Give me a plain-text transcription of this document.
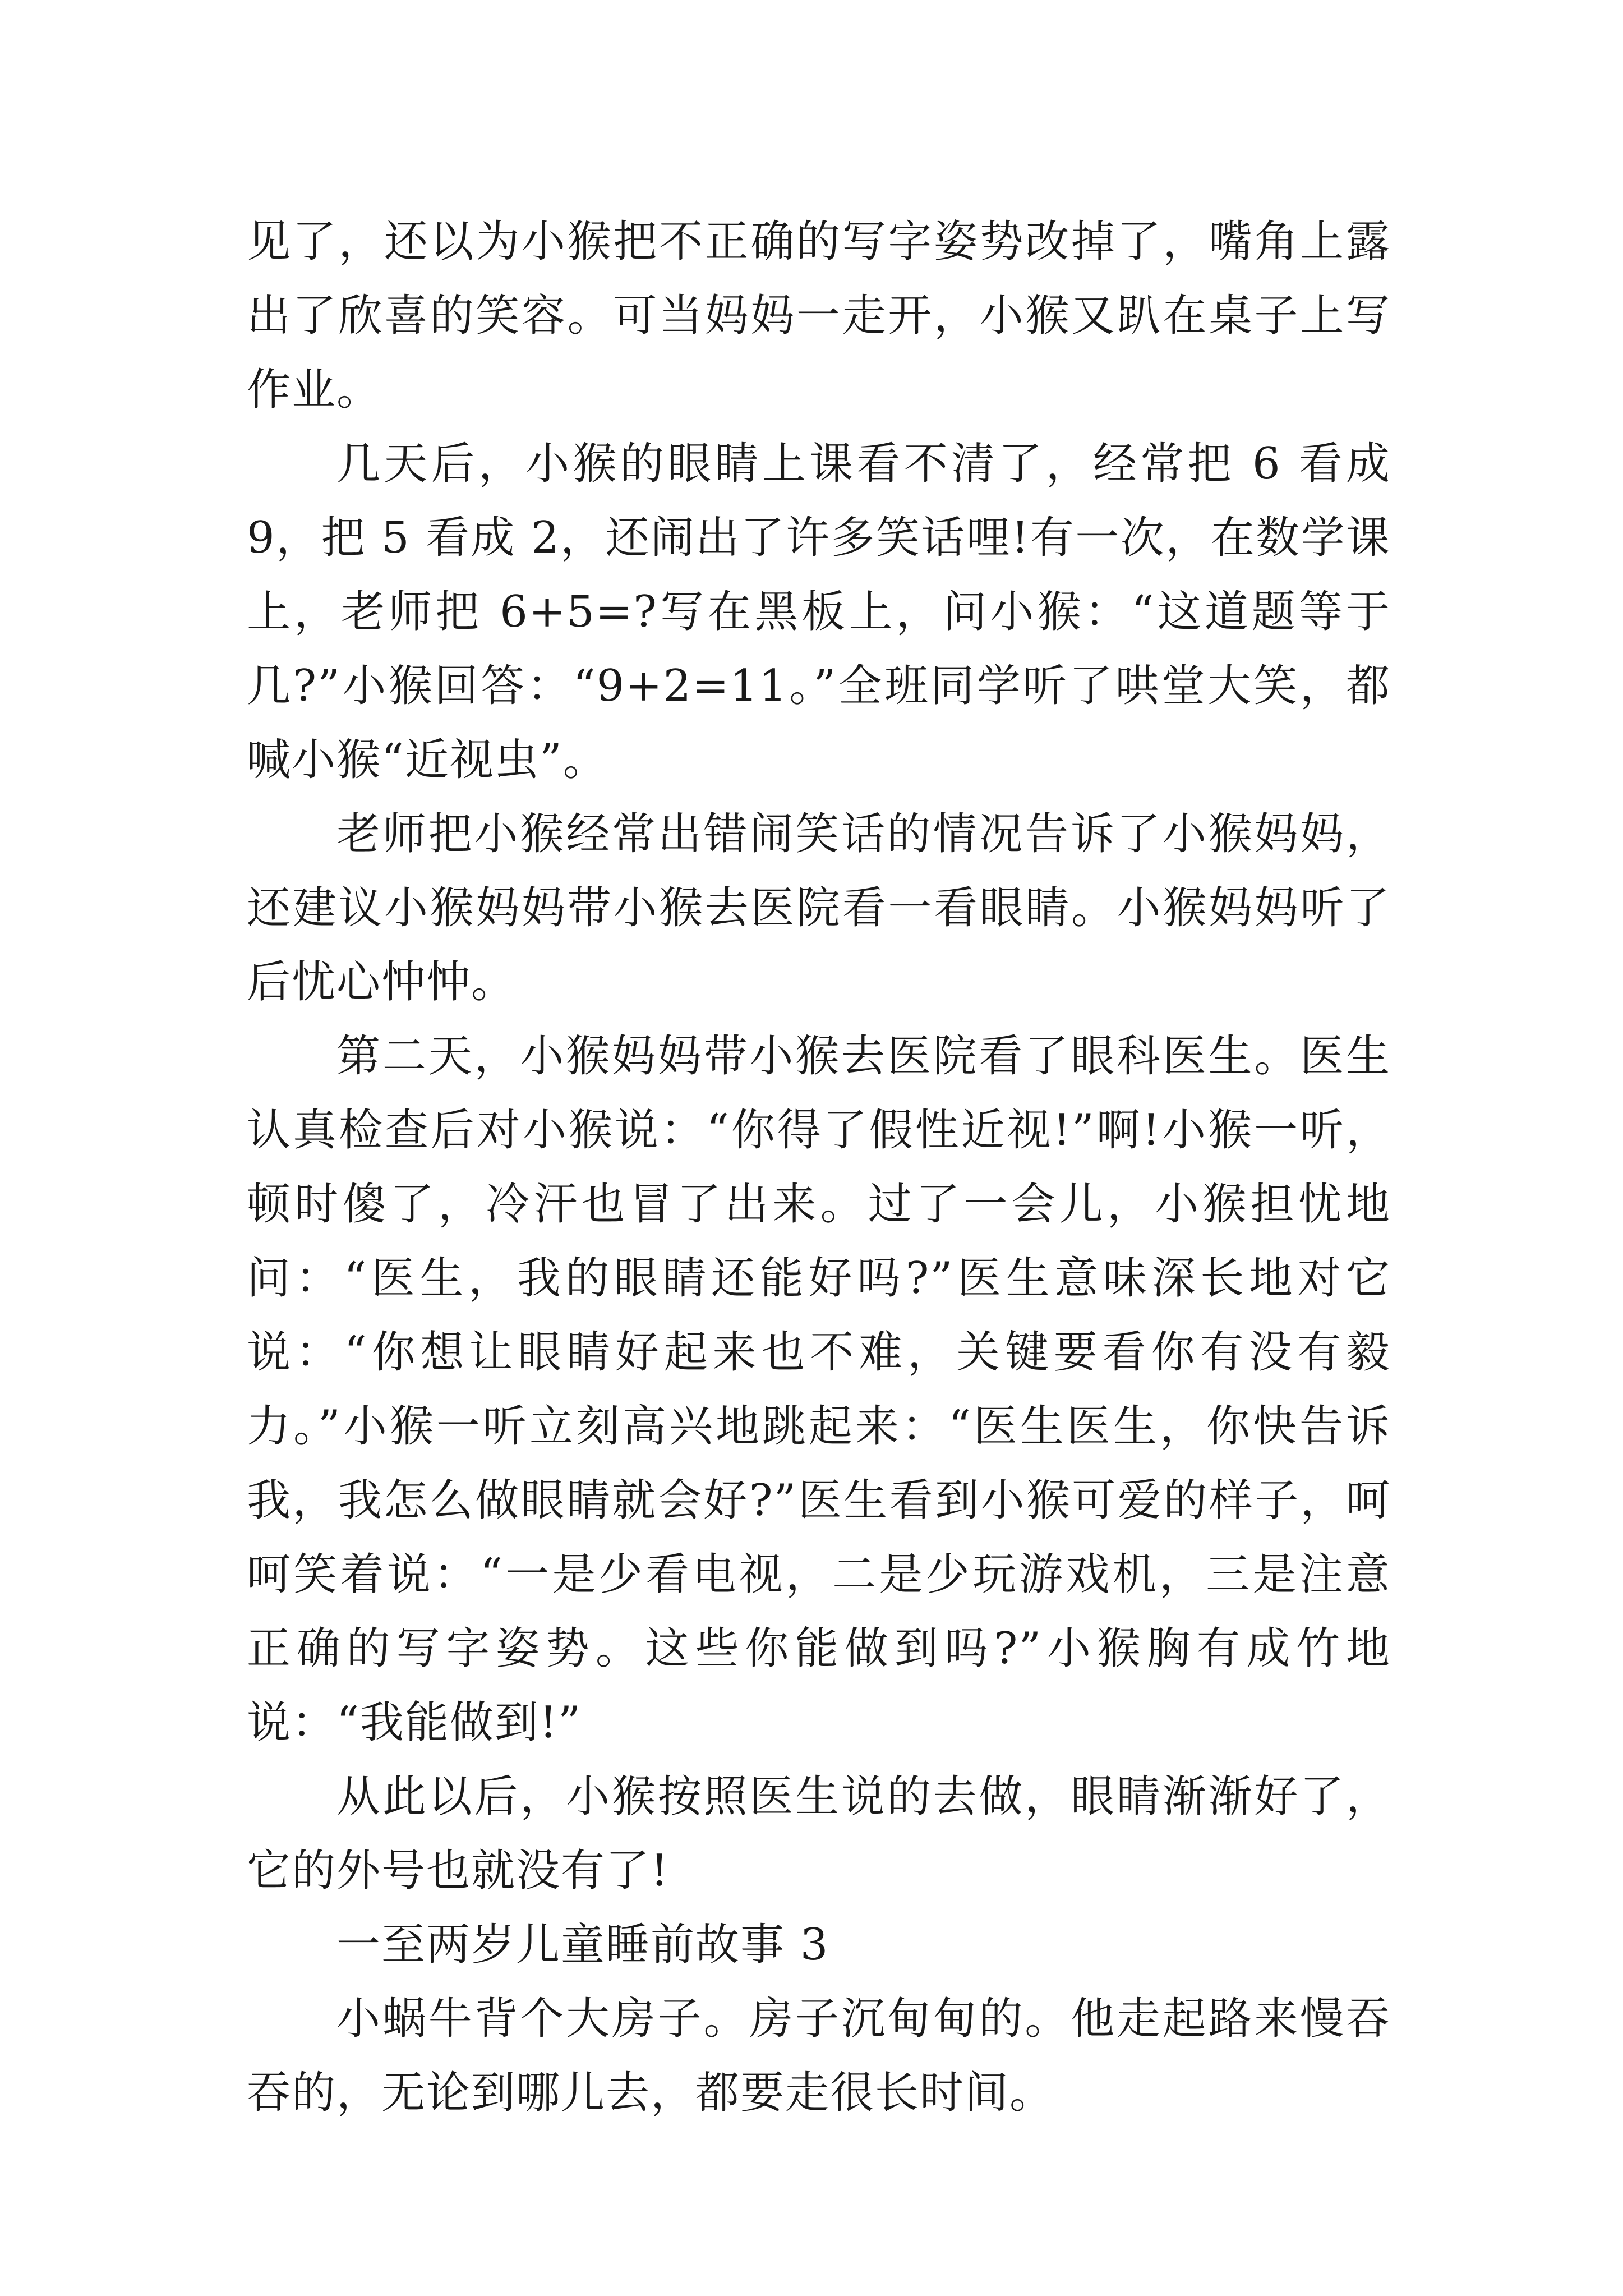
见了，还以为小猴把不正确的写字姿势改掉了，嘴角上露出了欣喜的笑容。可当妈妈一走开，小猴又趴在桌子上写作业。

几天后，小猴的眼睛上课看不清了，经常把 6 看成 9，把 5 看成 2，还闹出了许多笑话哩!有一次，在数学课上，老师把 6+5=?写在黑板上，问小猴：“这道题等于几?”小猴回答：“9+2=11。”全班同学听了哄堂大笑，都喊小猴“近视虫”。

老师把小猴经常出错闹笑话的情况告诉了小猴妈妈，还建议小猴妈妈带小猴去医院看一看眼睛。小猴妈妈听了后忧心忡忡。

第二天，小猴妈妈带小猴去医院看了眼科医生。医生认真检查后对小猴说：“你得了假性近视!”啊!小猴一听，顿时傻了，冷汗也冒了出来。过了一会儿，小猴担忧地问：“医生，我的眼睛还能好吗?”医生意味深长地对它说：“你想让眼睛好起来也不难，关键要看你有没有毅力。”小猴一听立刻高兴地跳起来：“医生医生，你快告诉我，我怎么做眼睛就会好?”医生看到小猴可爱的样子，呵呵笑着说：“一是少看电视，二是少玩游戏机，三是注意正确的写字姿势。这些你能做到吗?”小猴胸有成竹地说：“我能做到!”

从此以后，小猴按照医生说的去做，眼睛渐渐好了，它的外号也就没有了!

一至两岁儿童睡前故事 3

小蜗牛背个大房子。房子沉甸甸的。他走起路来慢吞吞的，无论到哪儿去，都要走很长时间。
